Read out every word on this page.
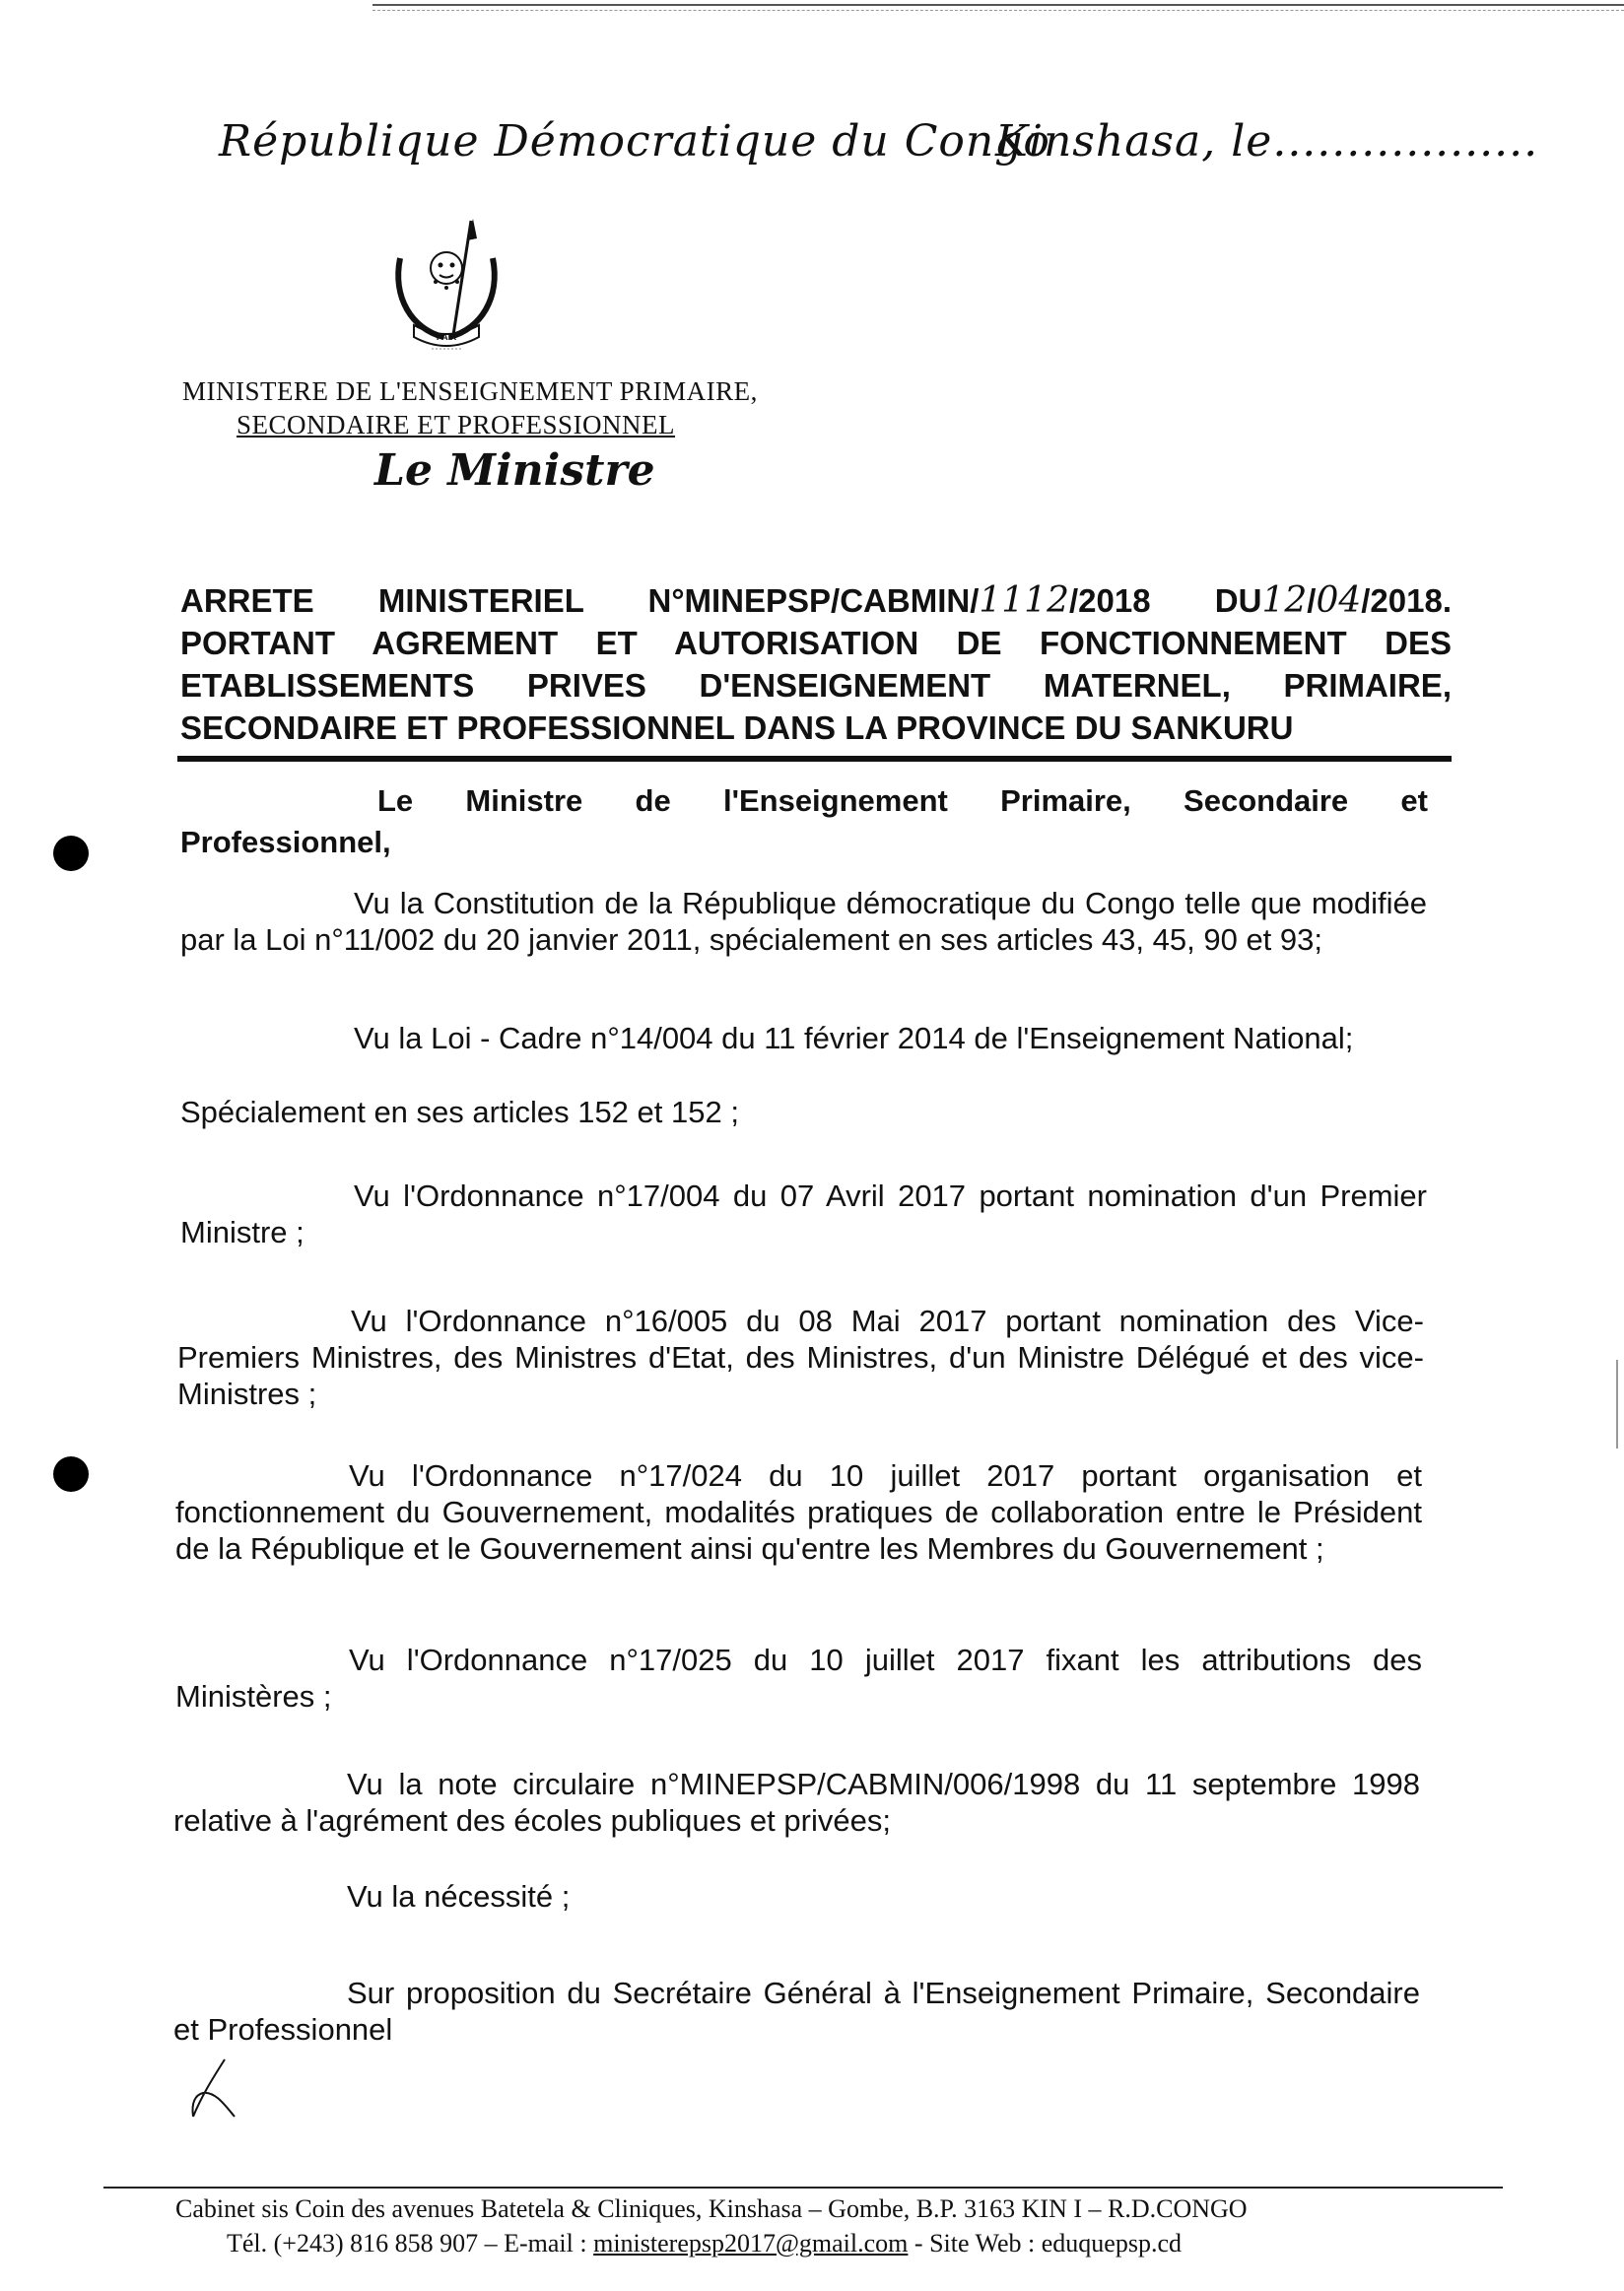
République Démocratique du Congo
Kinshasa, le..................
PAIX
MINISTERE DE L'ENSEIGNEMENT PRIMAIRE,
SECONDAIRE ET PROFESSIONNEL
Le Ministre
ARRETE MINISTERIEL N°MINEPSP/CABMIN/1112/2018 DU12/04/2018.
PORTANT AGREMENT ET AUTORISATION DE FONCTIONNEMENT DES
ETABLISSEMENTS PRIVES D'ENSEIGNEMENT MATERNEL, PRIMAIRE,
SECONDAIRE ET PROFESSIONNEL DANS LA PROVINCE DU SANKURU
Le Ministre de l'Enseignement Primaire, Secondaire et
Professionnel,
Vu la Constitution de la République démocratique du Congo telle que modifiée par la Loi n°11/002 du 20 janvier 2011, spécialement en ses articles 43, 45, 90 et 93;
Vu la Loi - Cadre n°14/004 du 11 février 2014 de l'Enseignement National;
Spécialement en ses articles 152 et 152 ;
Vu l'Ordonnance n°17/004 du 07 Avril 2017 portant nomination d'un Premier Ministre ;
Vu l'Ordonnance n°16/005 du 08 Mai 2017 portant nomination des Vice-Premiers Ministres, des Ministres d'Etat, des Ministres, d'un Ministre Délégué et des vice-Ministres ;
Vu l'Ordonnance n°17/024 du 10 juillet 2017 portant organisation et fonctionnement du Gouvernement, modalités pratiques de collaboration entre le Président de la République et le Gouvernement ainsi qu'entre les Membres du Gouvernement ;
Vu l'Ordonnance n°17/025 du 10 juillet 2017 fixant les attributions des Ministères ;
Vu la note circulaire n°MINEPSP/CABMIN/006/1998 du 11 septembre 1998 relative à l'agrément des écoles publiques et privées;
Vu la nécessité ;
Sur proposition du Secrétaire Général à l'Enseignement Primaire, Secondaire et Professionnel
Cabinet sis Coin des avenues Batetela & Cliniques, Kinshasa – Gombe, B.P. 3163 KIN I – R.D.CONGO
Tél. (+243) 816 858 907 – E-mail : ministerepsp2017@gmail.com - Site Web : eduquepsp.cd
